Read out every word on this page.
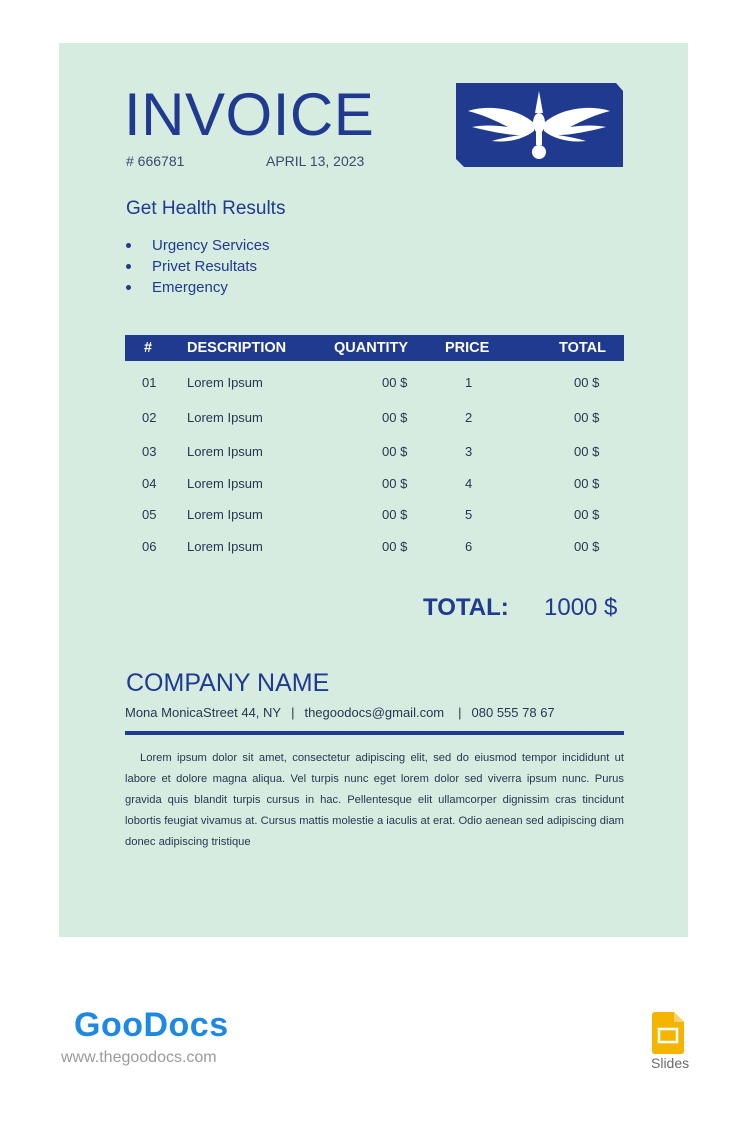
INVOICE
# 666781	APRIL 13, 2023
Get Health Results
Urgency Services
Privet Resultats
Emergency
# DESCRIPTION	QUANTITY	PRICE	TOTAL
01 Lorem Ipsum	00 $	1	00 $
02 Lorem Ipsum	00 $	2	00 $
03 Lorem Ipsum	00 $	3	00 $
04 Lorem Ipsum	00 $	4	00 $
05 Lorem Ipsum	00 $	5	00 $
06 Lorem Ipsum	00 $	6	00 $
TOTAL: 1000 $
COMPANY NAME
Mona MonicaStreet 44, NY | thegoodocs@gmail.com | 080 555 78 67
Lorem ipsum dolor sit amet, consectetur adipiscing elit, sed do eiusmod tempor incididunt ut labore et dolore magna aliqua. Vel turpis nunc eget lorem dolor sed viverra ipsum nunc. Purus gravida quis blandit turpis cursus in hac. Pellentesque elit ullamcorper dignissim cras tincidunt lobortis feugiat vivamus at. Cursus mattis molestie a iaculis at erat. Odio aenean sed adipiscing diam donec adipiscing tristique
GooDocs
www.thegoodocs.com	Slides
